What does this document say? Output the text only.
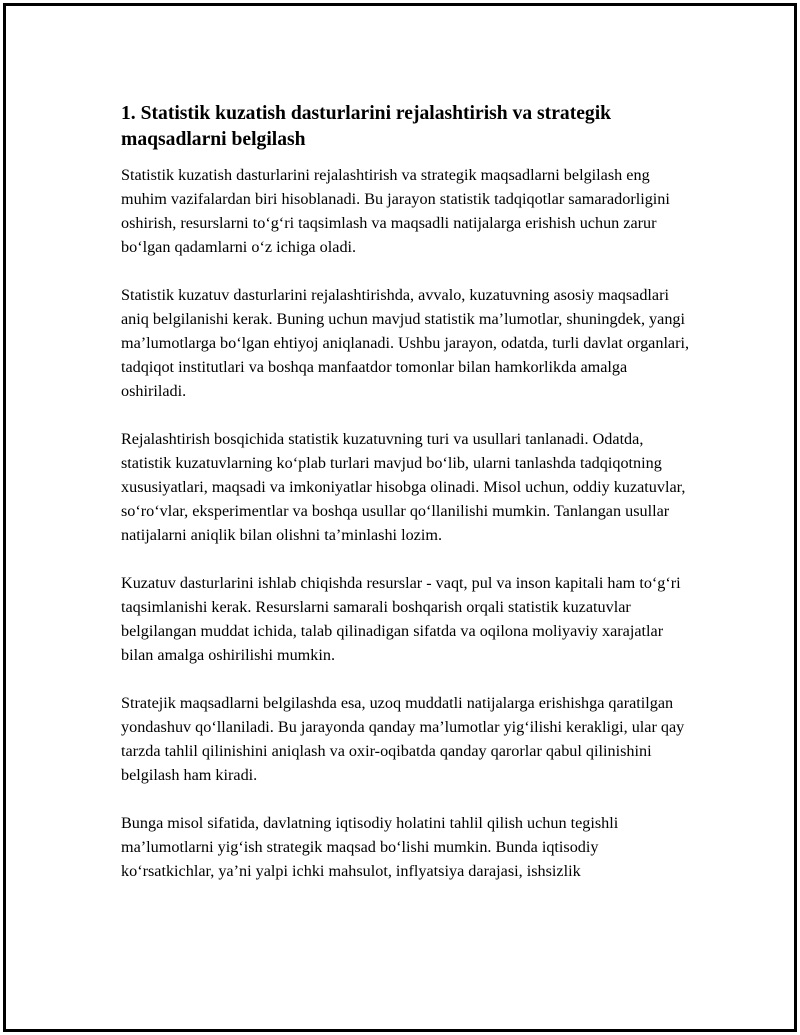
1. Statistik kuzatish dasturlarini rejalashtirish va strategik maqsadlarni belgilash

Statistik kuzatish dasturlarini rejalashtirish va strategik maqsadlarni belgilash eng muhim vazifalardan biri hisoblanadi. Bu jarayon statistik tadqiqotlar samaradorligini oshirish, resurslarni to‘g‘ri taqsimlash va maqsadli natijalarga erishish uchun zarur bo‘lgan qadamlarni o‘z ichiga oladi.

Statistik kuzatuv dasturlarini rejalashtirishda, avvalo, kuzatuvning asosiy maqsadlari aniq belgilanishi kerak. Buning uchun mavjud statistik ma’lumotlar, shuningdek, yangi ma’lumotlarga bo‘lgan ehtiyoj aniqlanadi. Ushbu jarayon, odatda, turli davlat organlari, tadqiqot institutlari va boshqa manfaatdor tomonlar bilan hamkorlikda amalga oshiriladi.

Rejalashtirish bosqichida statistik kuzatuvning turi va usullari tanlanadi. Odatda, statistik kuzatuvlarning ko‘plab turlari mavjud bo‘lib, ularni tanlashda tadqiqotning xususiyatlari, maqsadi va imkoniyatlar hisobga olinadi. Misol uchun, oddiy kuzatuvlar, so‘ro‘vlar, eksperimentlar va boshqa usullar qo‘llanilishi mumkin. Tanlangan usullar natijalarni aniqlik bilan olishni ta’minlashi lozim.

Kuzatuv dasturlarini ishlab chiqishda resurslar - vaqt, pul va inson kapitali ham to‘g‘ri taqsimlanishi kerak. Resurslarni samarali boshqarish orqali statistik kuzatuvlar belgilangan muddat ichida, talab qilinadigan sifatda va oqilona moliyaviy xarajatlar bilan amalga oshirilishi mumkin.

Stratejik maqsadlarni belgilashda esa, uzoq muddatli natijalarga erishishga qaratilgan yondashuv qo‘llaniladi. Bu jarayonda qanday ma’lumotlar yig‘ilishi kerakligi, ular qay tarzda tahlil qilinishini aniqlash va oxir-oqibatda qanday qarorlar qabul qilinishini belgilash ham kiradi.

Bunga misol sifatida, davlatning iqtisodiy holatini tahlil qilish uchun tegishli ma’lumotlarni yig‘ish strategik maqsad bo‘lishi mumkin. Bunda iqtisodiy ko‘rsatkichlar, ya’ni yalpi ichki mahsulot, inflyatsiya darajasi, ishsizlik
